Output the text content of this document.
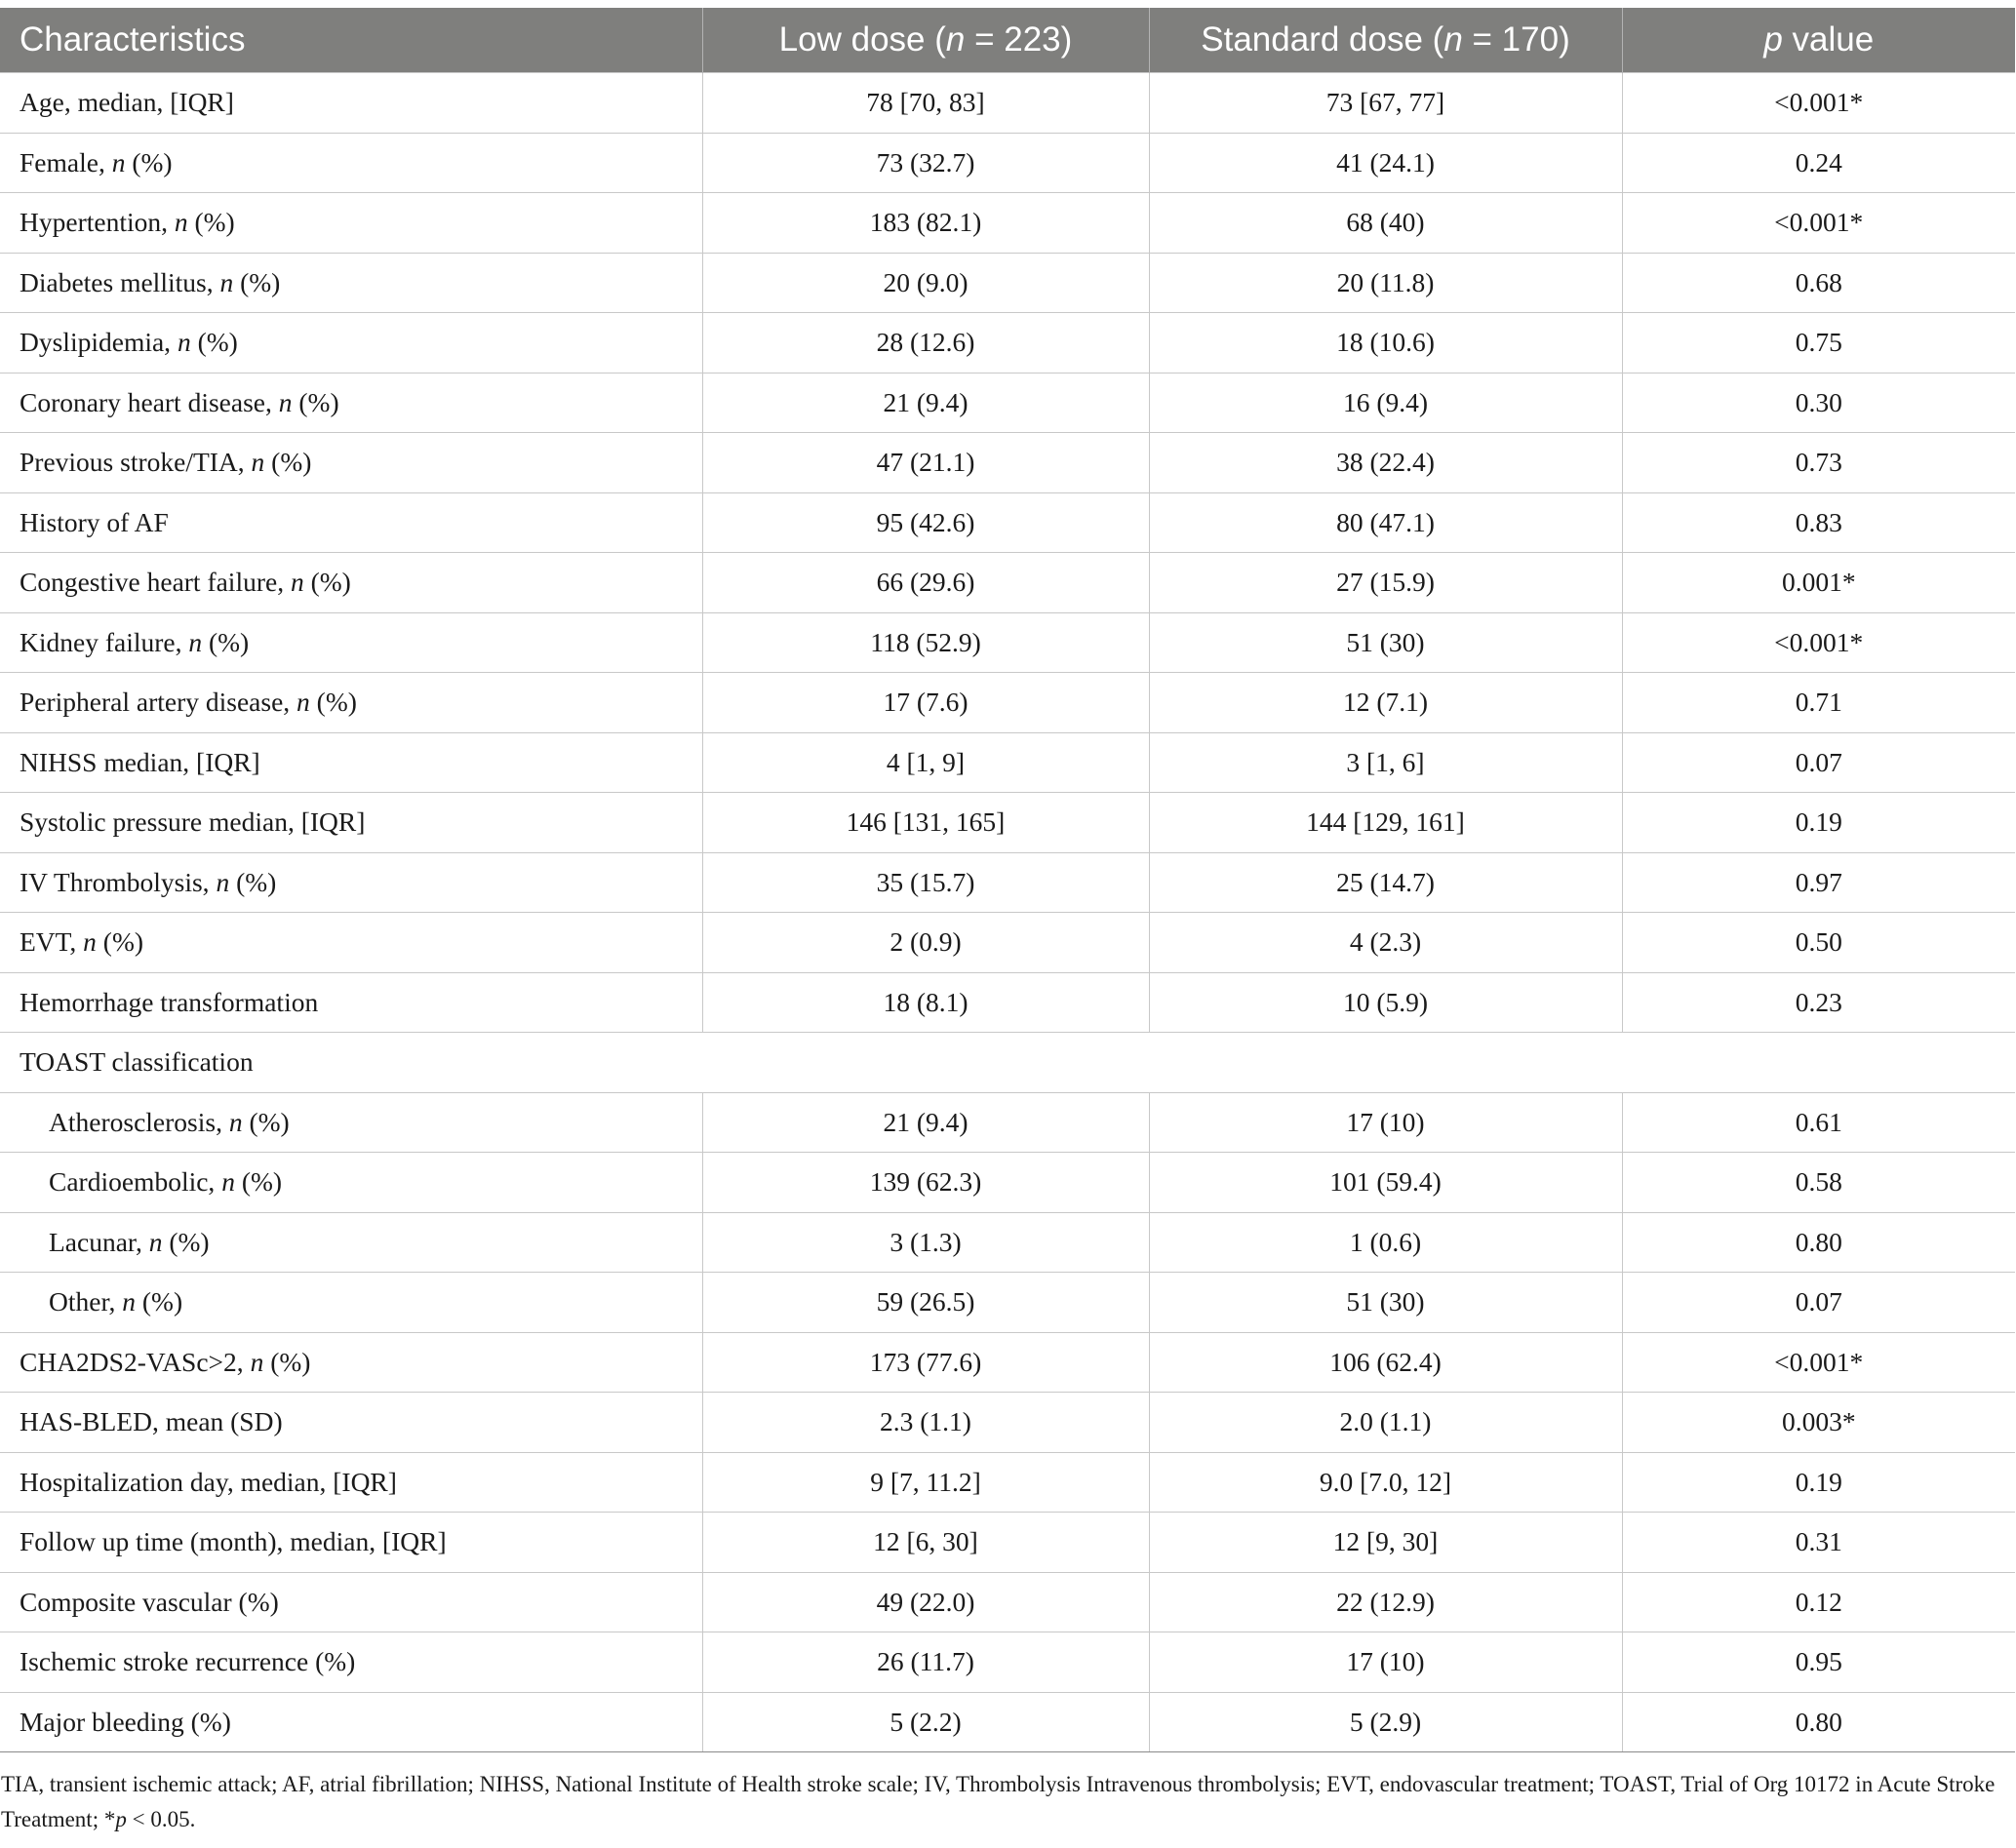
Characteristics	Low dose (n = 223)	Standard dose (n = 170)	p value
Age, median, [IQR]	78 [70, 83]	73 [67, 77]	<0.001*
Female, n (%)	73 (32.7)	41 (24.1)	0.24
Hypertention, n (%)	183 (82.1)	68 (40)	<0.001*
Diabetes mellitus, n (%)	20 (9.0)	20 (11.8)	0.68
Dyslipidemia, n (%)	28 (12.6)	18 (10.6)	0.75
Coronary heart disease, n (%)	21 (9.4)	16 (9.4)	0.30
Previous stroke/TIA, n (%)	47 (21.1)	38 (22.4)	0.73
History of AF	95 (42.6)	80 (47.1)	0.83
Congestive heart failure, n (%)	66 (29.6)	27 (15.9)	0.001*
Kidney failure, n (%)	118 (52.9)	51 (30)	<0.001*
Peripheral artery disease, n (%)	17 (7.6)	12 (7.1)	0.71
NIHSS median, [IQR]	4 [1, 9]	3 [1, 6]	0.07
Systolic pressure median, [IQR]	146 [131, 165]	144 [129, 161]	0.19
IV Thrombolysis, n (%)	35 (15.7)	25 (14.7)	0.97
EVT, n (%)	2 (0.9)	4 (2.3)	0.50
Hemorrhage transformation	18 (8.1)	10 (5.9)	0.23
TOAST classification			
Atherosclerosis, n (%)	21 (9.4)	17 (10)	0.61
Cardioembolic, n (%)	139 (62.3)	101 (59.4)	0.58
Lacunar, n (%)	3 (1.3)	1 (0.6)	0.80
Other, n (%)	59 (26.5)	51 (30)	0.07
CHA2DS2-VASc>2, n (%)	173 (77.6)	106 (62.4)	<0.001*
HAS-BLED, mean (SD)	2.3 (1.1)	2.0 (1.1)	0.003*
Hospitalization day, median, [IQR]	9 [7, 11.2]	9.0 [7.0, 12]	0.19
Follow up time (month), median, [IQR]	12 [6, 30]	12 [9, 30]	0.31
Composite vascular (%)	49 (22.0)	22 (12.9)	0.12
Ischemic stroke recurrence (%)	26 (11.7)	17 (10)	0.95
Major bleeding (%)	5 (2.2)	5 (2.9)	0.80
TIA, transient ischemic attack; AF, atrial fibrillation; NIHSS, National Institute of Health stroke scale; IV, Thrombolysis Intravenous thrombolysis; EVT, endovascular treatment; TOAST, Trial of Org 10172 in Acute Stroke Treatment; *p < 0.05.
